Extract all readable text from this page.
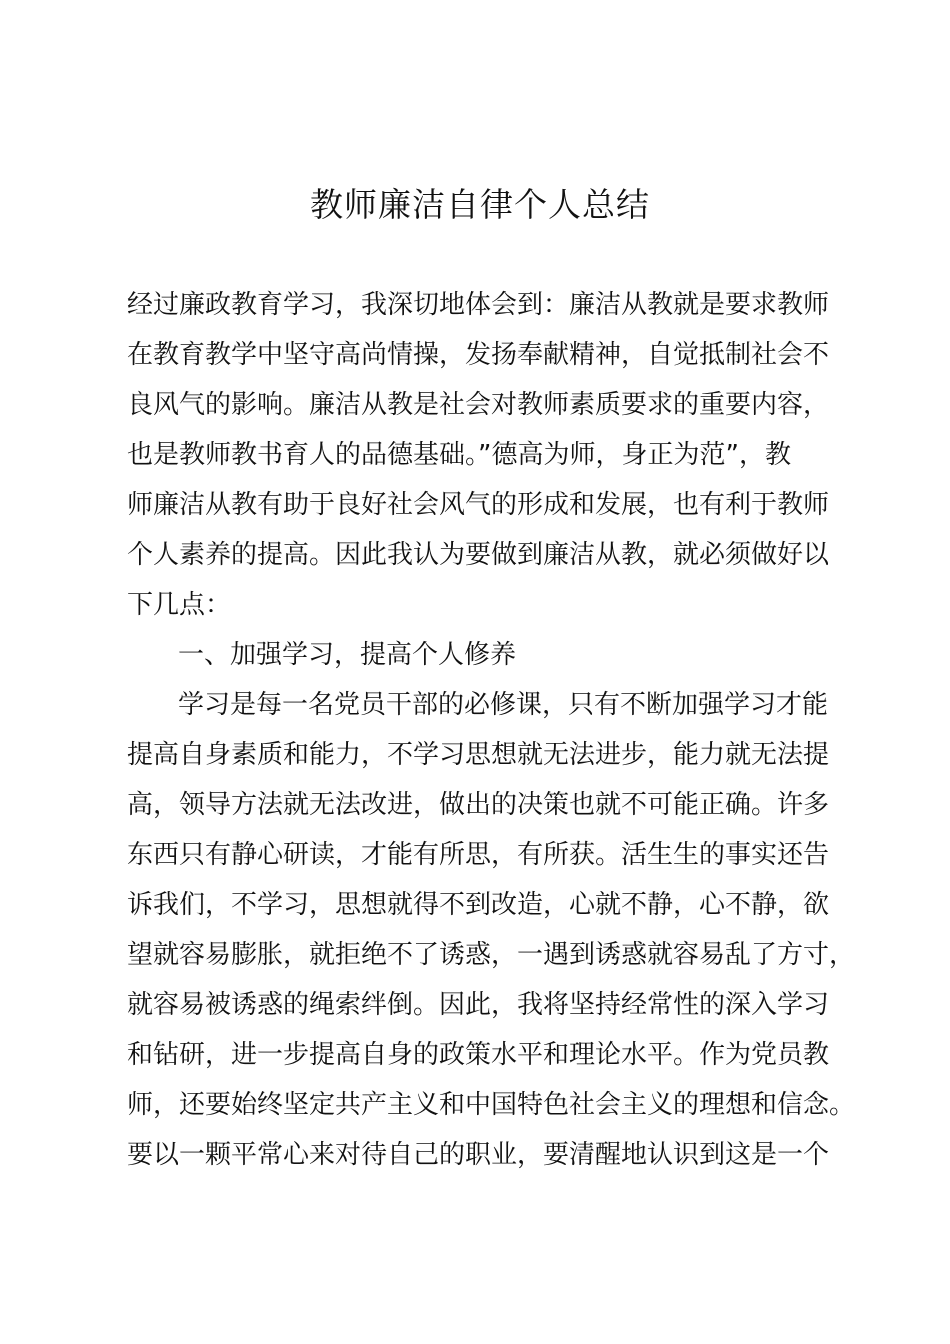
教师廉洁自律个人总结

经过廉政教育学习，我深切地体会到：廉洁从教就是要求教师

在教育教学中坚守高尚情操，发扬奉献精神，自觉抵制社会不

良风气的影响。廉洁从教是社会对教师素质要求的重要内容，

也是教师教书育人的品德基础。”德高为师，身正为范”，教

师廉洁从教有助于良好社会风气的形成和发展，也有利于教师

个人素养的提高。因此我认为要做到廉洁从教，就必须做好以

下几点：

一、加强学习，提高个人修养

学习是每一名党员干部的必修课，只有不断加强学习才能

提高自身素质和能力，不学习思想就无法进步，能力就无法提

高，领导方法就无法改进，做出的决策也就不可能正确。许多

东西只有静心研读，才能有所思，有所获。活生生的事实还告

诉我们，不学习，思想就得不到改造，心就不静，心不静，欲

望就容易膨胀，就拒绝不了诱惑，一遇到诱惑就容易乱了方寸，

就容易被诱惑的绳索绊倒。因此，我将坚持经常性的深入学习

和钻研，进一步提高自身的政策水平和理论水平。作为党员教

师，还要始终坚定共产主义和中国特色社会主义的理想和信念。

要以一颗平常心来对待自己的职业，要清醒地认识到这是一个
